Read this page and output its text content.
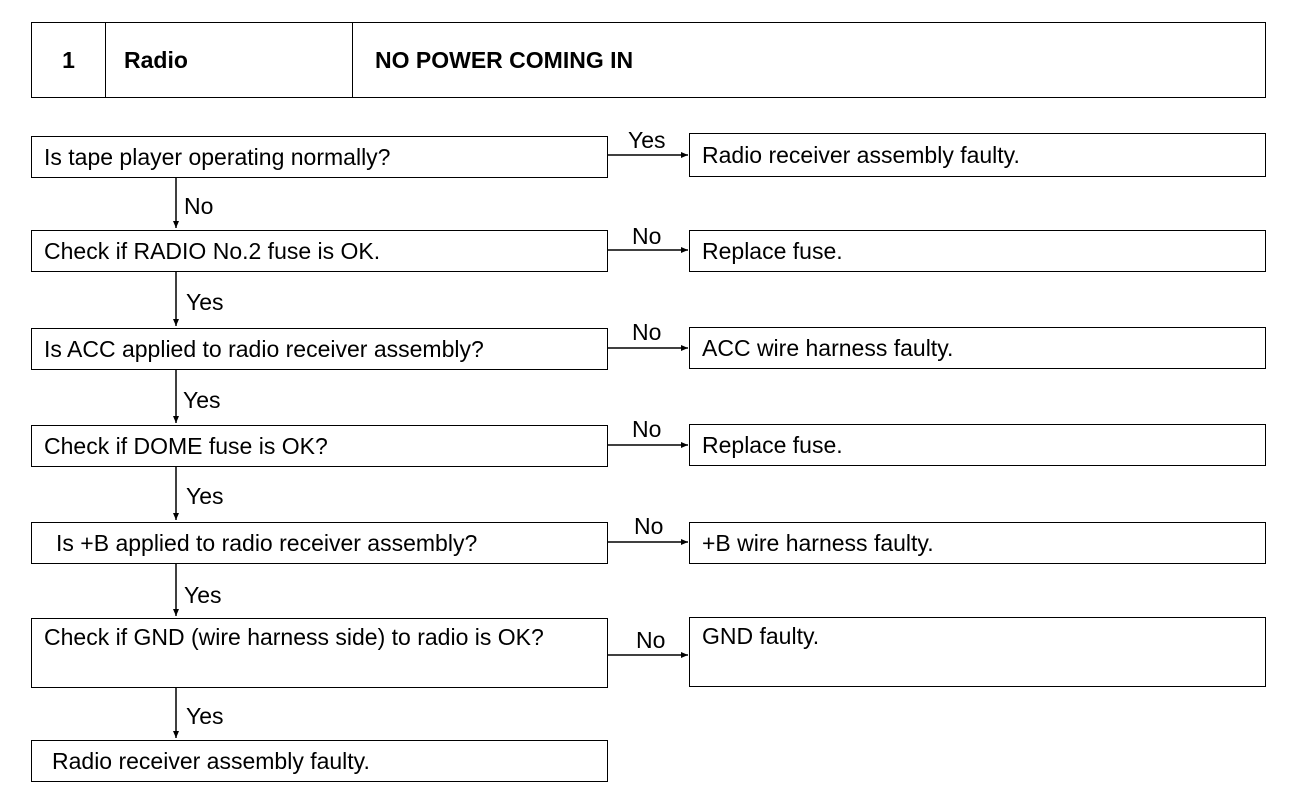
1	Radio	NO POWER COMING IN
Is tape player operating normally?
Yes
Radio receiver assembly faulty.
No
Check if RADIO No.2 fuse is OK.
No
Replace fuse.
Yes
Is ACC applied to radio receiver assembly?
No
ACC wire harness faulty.
Yes
Check if DOME fuse is OK?
No
Replace fuse.
Yes
Is +B applied to radio receiver assembly?
No
+B wire harness faulty.
Yes
Check if GND (wire harness side) to radio is OK?	No	GND faulty.
Yes
Radio receiver assembly faulty.
